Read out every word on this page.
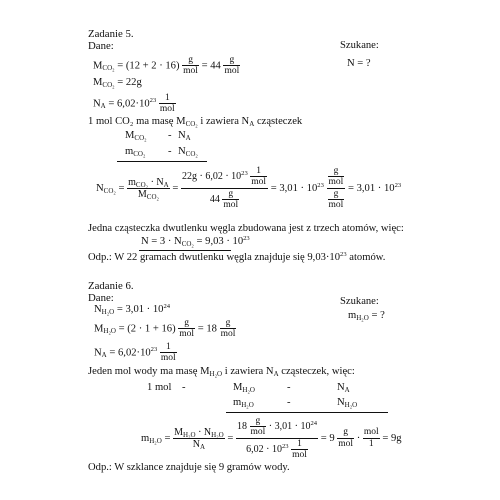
Zadanie 5.
Dane:	Szukane:
N = ?
$MCO_2 = (12 + 2 \cdot 16) \frac{g}{\text{mol}} = 44 \frac{g}{\text{mol}}$
MCO₂ = 22g
NA = $6,02\cdot 10^{23} \frac{1}{\text{mol}}$
1 mol CO₂ ma masę MCO₂ i zawiera NA cząsteczek
MCO₂ - NA
mCO₂ - NCO₂
$NCO_2 = \frac{m_{CO_2} \cdot N_A}{M_{CO_2}} = \frac{22g \cdot 6,02 \cdot 10^{23} \frac{1}{\text{mol}}}{44 \frac{g}{\text{mol}}} = 3,01 \cdot 10^{23} \frac{\frac{g}{\text{mol}}}{\frac{g}{\text{mol}}} = 3,01 \cdot 10^{23}$
Jedna cząsteczka dwutlenku węgla zbudowana jest z trzech atomów, więc:
$N = 3 \cdot NCO_2 = 9,03 \cdot 10^{23}$
Odp.: W 22 gramach dwutlenku węgla znajduje się $9,03\cdot 10^{23}$ atomów.
Zadanie 6.
Dane:	Szukane:
mH₂O = ?
$NH_2O = 3,01 \cdot 10^{24}$
$MH_2O = (2 \cdot 1 + 16) \frac{g}{\text{mol}} = 18 \frac{g}{\text{mol}}$
NA = $6,02\cdot 10^{23} \frac{1}{\text{mol}}$
Jeden mol wody ma masę MH₂O i zawiera NA cząsteczek, więc:
1 mol -	MH₂O	-	NA
mH₂O	-	NH₂O
$mH_2O = \frac{M_{H_2O} \cdot N_{H_2O}}{N_A} = \frac{18 \frac{g}{\text{mol}} \cdot 3,01 \cdot 10^{24}}{6,02 \cdot 10^{23} \frac{1}{\text{mol}}} = 9 \frac{g}{\text{mol}} \cdot \frac{\text{mol}}{1} = 9g$
Odp.: W szklance znajduje się 9 gramów wody.
